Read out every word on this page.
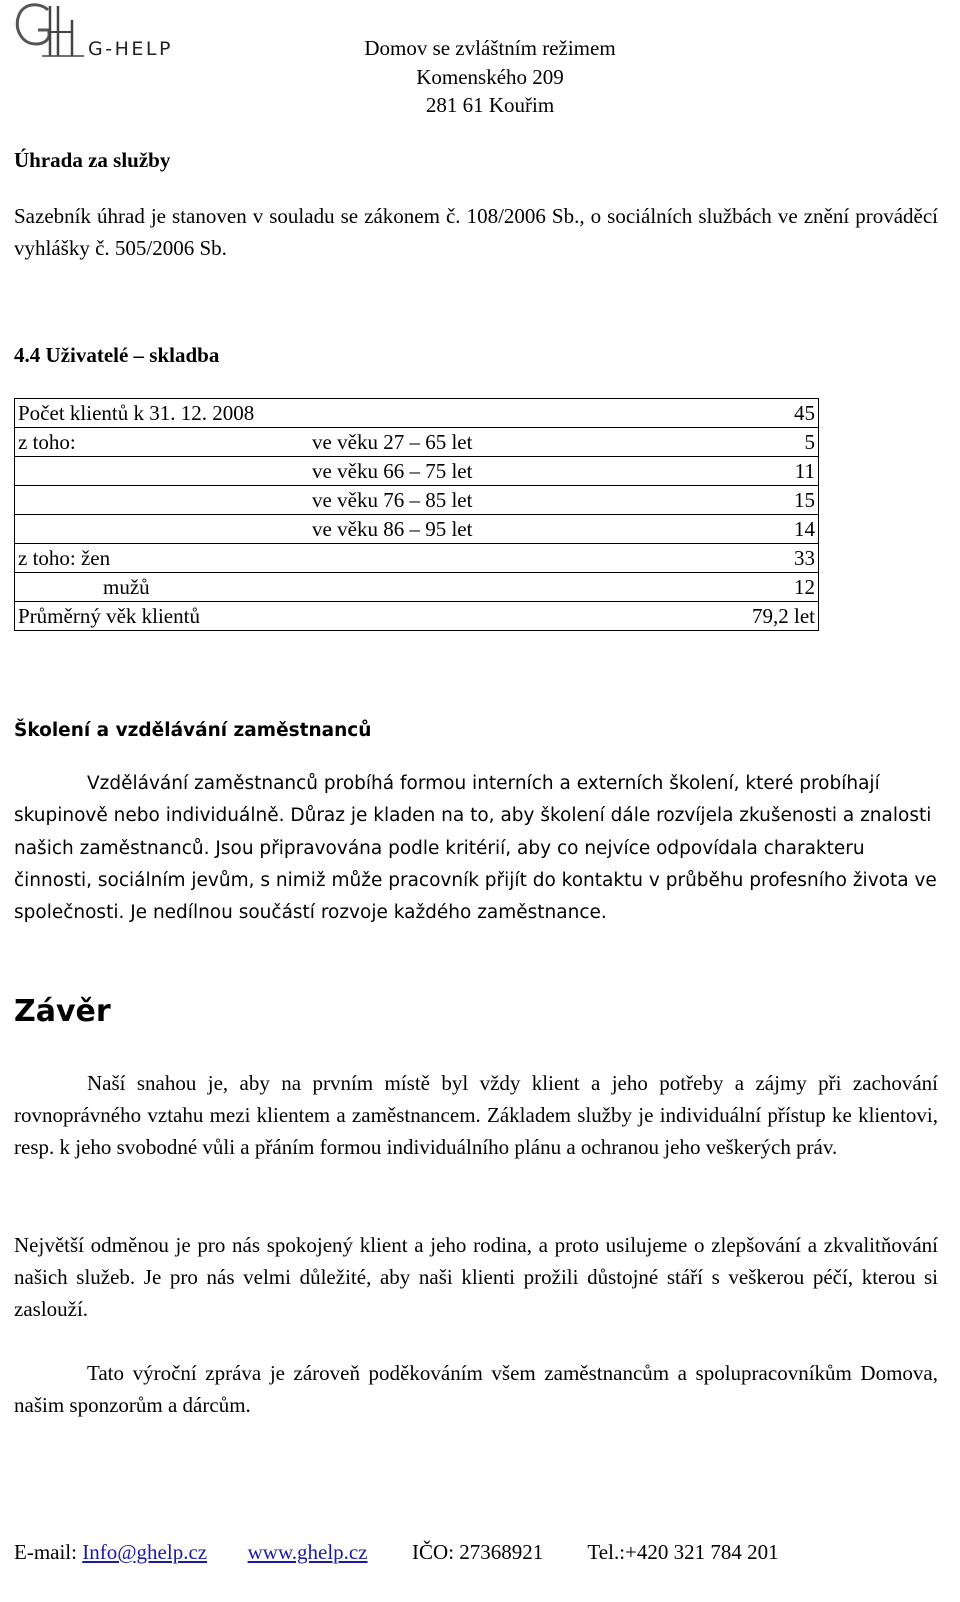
G-HELP	Domov se zvláštním režimem
Komenského 209
281 61 Kouřim
Úhrada za služby
Sazebník úhrad je stanoven v souladu se zákonem č. 108/2006 Sb., o sociálních službách ve znění prováděcí vyhlášky č. 505/2006 Sb.
4.4 Uživatelé – skladba
Počet klientů k 31. 12. 2008		45
z toho:	ve věku 27 – 65 let	5
	ve věku 66 – 75 let	11
	ve věku 76 – 85 let	15
	ve věku 86 – 95 let	14
z toho: žen		33
mužů		12
Průměrný věk klientů		79,2 let
Školení a vzdělávání zaměstnanců
Vzdělávání zaměstnanců probíhá formou interních a externích školení, které probíhají skupinově nebo individuálně. Důraz je kladen na to, aby školení dále rozvíjela zkušenosti a znalosti našich zaměstnanců. Jsou připravována podle kritérií, aby co nejvíce odpovídala charakteru činnosti, sociálním jevům, s nimiž může pracovník přijít do kontaktu v průběhu profesního života ve společnosti. Je nedílnou součástí rozvoje každého zaměstnance.
Závěr
Naší snahou je, aby na prvním místě byl vždy klient a jeho potřeby a zájmy při zachování rovnoprávného vztahu mezi klientem a zaměstnancem. Základem služby je individuální přístup ke klientovi, resp. k jeho svobodné vůli a přáním formou individuálního plánu a ochranou jeho veškerých práv.
Největší odměnou je pro nás spokojený klient a jeho rodina, a proto usilujeme o zlepšování a zkvalitňování našich služeb. Je pro nás velmi důležité, aby naši klienti prožili důstojné stáří s veškerou péčí, kterou si zaslouží.
Tato výroční zpráva je zároveň poděkováním všem zaměstnancům a spolupracovníkům Domova, našim sponzorům a dárcům.
E-mail: Info@ghelp.cz www.ghelp.cz IČO: 27368921 Tel.:+420 321 784 201
